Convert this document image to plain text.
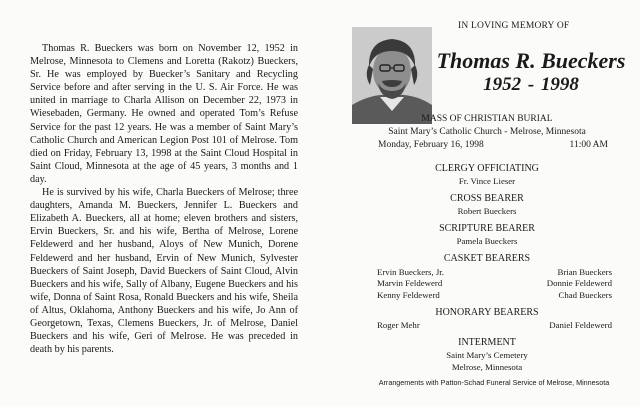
Thomas R. Bueckers was born on November 12, 1952 in Melrose, Minnesota to Clemens and Loretta (Rakotz) Bueckers, Sr. He was employed by Buecker’s Sanitary and Recycling Service before and after serving in the U. S. Air Force. He was united in marriage to Charla Allison on December 22, 1973 in Wiesebaden, Germany. He owned and operated Tom’s Refuse Service for the past 12 years. He was a member of Saint Mary’s Catholic Church and American Legion Post 101 of Melrose. Tom died on Friday, February 13, 1998 at the Saint Cloud Hospital in Saint Cloud, Minnesota at the age of 45 years, 3 months and 1 day.

He is survived by his wife, Charla Bueckers of Melrose; three daughters, Amanda M. Bueckers, Jennifer L. Bueckers and Elizabeth A. Bueckers, all at home; eleven brothers and sisters, Ervin Bueckers, Sr. and his wife, Bertha of Melrose, Lorene Feldewerd and her husband, Aloys of New Munich, Dorene Feldewerd and her husband, Ervin of New Munich, Sylvester Bueckers of Saint Joseph, David Bueckers of Saint Cloud, Alvin Bueckers and his wife, Sally of Albany, Eugene Bueckers and his wife, Donna of Saint Rosa, Ronald Bueckers and his wife, Sheila of Altus, Oklahoma, Anthony Bueckers and his wife, Jo Ann of Georgetown, Texas, Clemens Bueckers, Jr. of Melrose, Daniel Bueckers and his wife, Geri of Melrose. He was preceded in death by his parents.

IN LOVING MEMORY OF
Thomas R. Bueckers
1952 - 1998
MASS OF CHRISTIAN BURIAL
Saint Mary’s Catholic Church - Melrose, Minnesota
Monday, February 16, 1998	11:00 AM
CLERGY OFFICIATING
Fr. Vince Lieser
CROSS BEARER
Robert Bueckers
SCRIPTURE BEARER
Pamela Bueckers
CASKET BEARERS
Ervin Bueckers, Jr.
Marvin Feldewerd
Kenny Feldewerd
Brian Bueckers
Donnie Feldewerd
Chad Bueckers
HONORARY BEARERS
Roger Mehr	Daniel Feldewerd
INTERMENT
Saint Mary’s Cemetery
Melrose, Minnesota
Arrangements with Patton-Schad Funeral Service of Melrose, Minnesota
